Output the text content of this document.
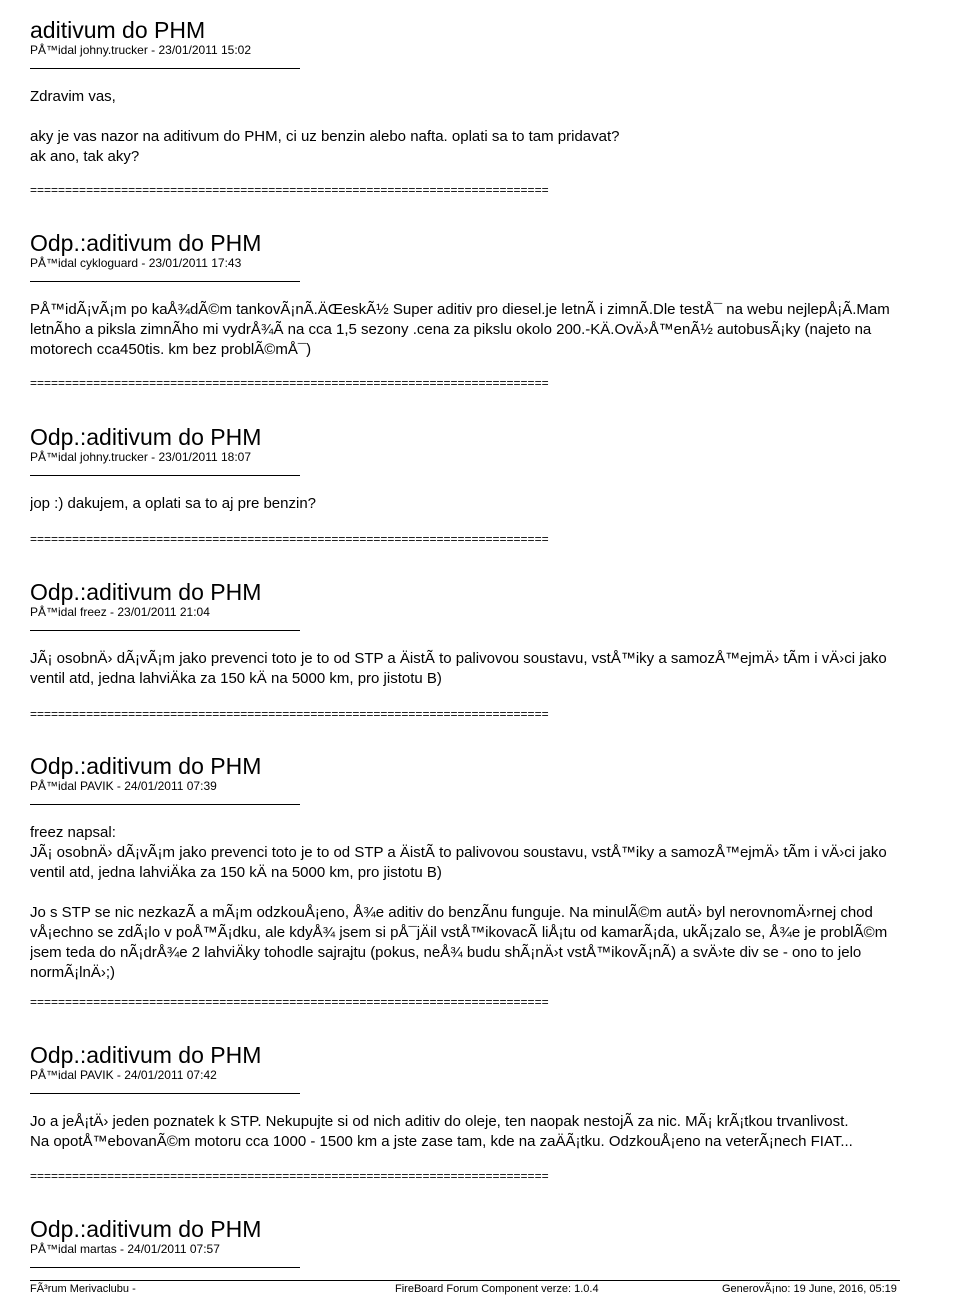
aditivum do PHM
PÅ™idal johny.trucker - 23/01/2011 15:02
Zdravim vas,
aky je vas nazor na aditivum do PHM, ci uz benzin alebo nafta. oplati sa to tam pridavat?
ak ano, tak aky?
==========================================================================
Odp.:aditivum do PHM
PÅ™idal cykloguard - 23/01/2011 17:43
PÅ™idÃ¡vÃ¡m po kaÅ¾dÃ©m tankovÃ¡nÃ.ÄŒeskÃ½ Super aditiv pro diesel.je letnÃ i zimnÃ.Dle testÅ¯ na webu nejlepÅ¡Ã.Mam
letnÃho a piksla zimnÃho mi vydrÅ¾Ã na cca 1,5 sezony .cena za pikslu okolo 200.-KÄ.OvÄ›Å™enÃ½ autobusÃ¡ky (najeto na
motorech cca450tis. km bez problÃ©mÅ¯)
==========================================================================
Odp.:aditivum do PHM
PÅ™idal johny.trucker - 23/01/2011 18:07
jop :) dakujem, a oplati sa to aj pre benzin?
==========================================================================
Odp.:aditivum do PHM
PÅ™idal freez - 23/01/2011 21:04
JÃ¡ osobnÄ› dÃ¡vÃ¡m jako prevenci toto je to od STP a ÄistÃ to palivovou soustavu, vstÅ™iky a samozÅ™ejmÄ› tÃm i vÄ›ci jako
ventil atd, jedna lahviÄka za 150 kÄ na 5000 km, pro jistotu B)
==========================================================================
Odp.:aditivum do PHM
PÅ™idal PAVIK - 24/01/2011 07:39
freez napsal:
JÃ¡ osobnÄ› dÃ¡vÃ¡m jako prevenci toto je to od STP a ÄistÃ to palivovou soustavu, vstÅ™iky a samozÅ™ejmÄ› tÃm i vÄ›ci jako
ventil atd, jedna lahviÄka za 150 kÄ na 5000 km, pro jistotu B)
Jo s STP se nic nezkazÃ a mÃ¡m odzkouÅ¡eno, Å¾e aditiv do benzÃnu funguje. Na minulÃ©m autÄ› byl nerovnomÄ›rnej chod
vÅ¡echno se zdÃ¡lo v poÅ™Ã¡dku, ale kdyÅ¾ jsem si pÅ¯jÄil vstÅ™ikovacÃ liÅ¡tu od kamarÃ¡da, ukÃ¡zalo se, Å¾e je problÃ©m
jsem teda do nÃ¡drÅ¾e 2 lahviÄky tohodle sajrajtu (pokus, neÅ¾ budu shÃ¡nÄ›t vstÅ™ikovÃ¡nÃ) a svÄ›te div se - ono to jelo
normÃ¡lnÄ›;)
==========================================================================
Odp.:aditivum do PHM
PÅ™idal PAVIK - 24/01/2011 07:42
Jo a jeÅ¡tÄ› jeden poznatek k STP. Nekupujte si od nich aditiv do oleje, ten naopak nestojÃ za nic. MÃ¡ krÃ¡tkou trvanlivost.
Na opotÅ™ebovanÃ©m motoru cca 1000 - 1500 km a jste zase tam, kde na zaÄÃ¡tku. OdzkouÅ¡eno na veterÃ¡nech FIAT...
==========================================================================
Odp.:aditivum do PHM
PÅ™idal martas - 24/01/2011 07:57
FÃ³rum Merivaclubu -	FireBoard Forum Component verze: 1.0.4	GenerovÃ¡no: 19 June, 2016, 05:19
